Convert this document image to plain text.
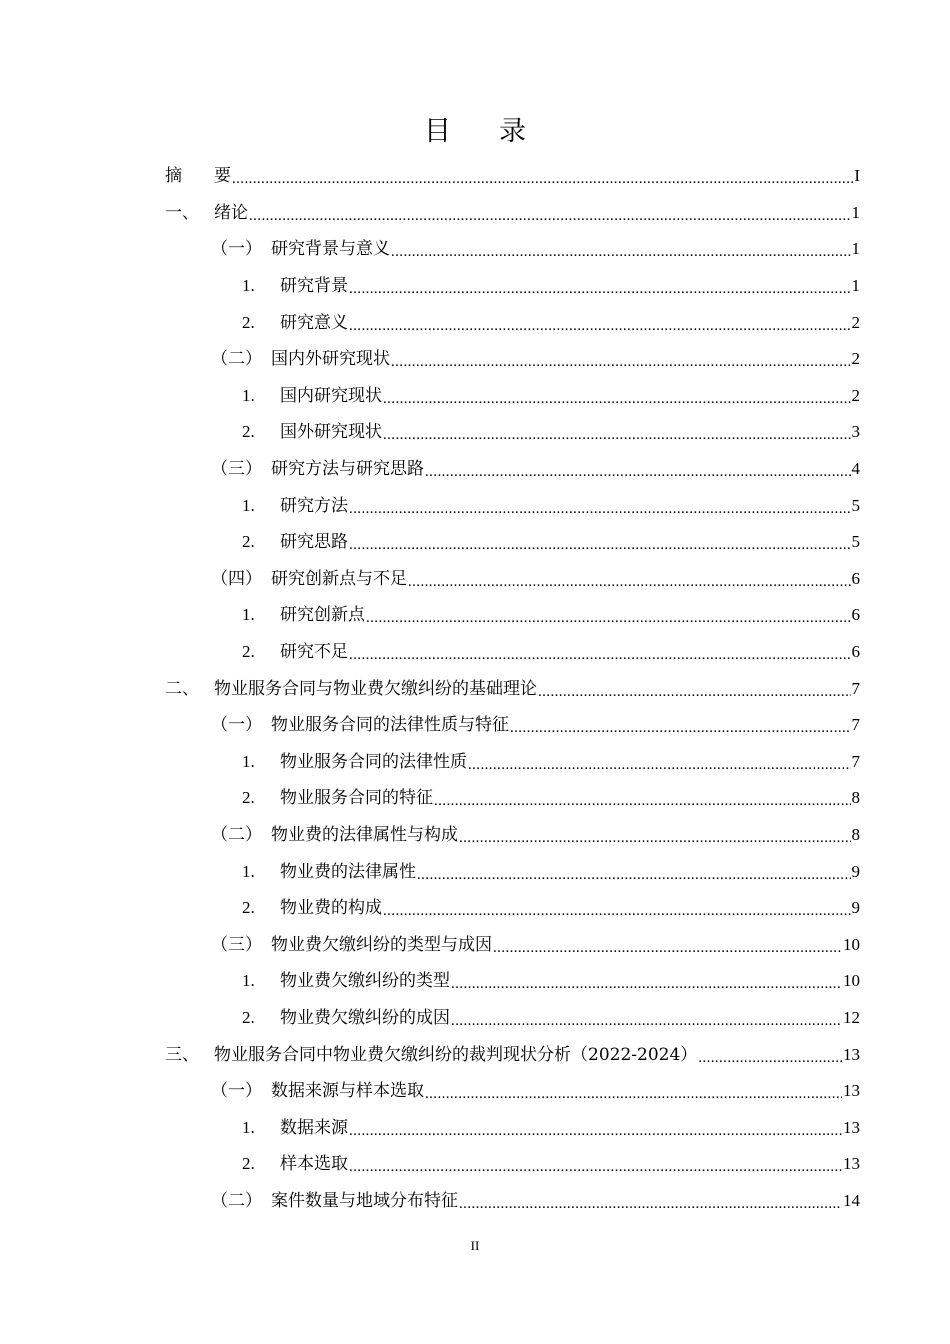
目 录
摘	要 .....	I
一、 绪论 .....	1
（一） 研究背景与意义 .....	1
1.	研究背景 .....	1
2.	研究意义 .....	2
（二） 国内外研究现状 .....	2
1.	国内研究现状 .....	2
2.	国外研究现状 .....	3
（三） 研究方法与研究思路 .....	4
1.	研究方法 .....	5
2.	研究思路 .....	5
（四） 研究创新点与不足 .....	6
1.	研究创新点 .....	6
2.	研究不足 .....	6
二、 物业服务合同与物业费欠缴纠纷的基础理论 .....	7
（一） 物业服务合同的法律性质与特征 .....	7
1.	物业服务合同的法律性质 .....	7
2.	物业服务合同的特征 .....	8
（二） 物业费的法律属性与构成 .....	8
1.	物业费的法律属性 .....	9
2.	物业费的构成 .....	9
（三） 物业费欠缴纠纷的类型与成因 .....	10
1.	物业费欠缴纠纷的类型 .....	10
2.	物业费欠缴纠纷的成因 .....	12
三、 物业服务合同中物业费欠缴纠纷的裁判现状分析（2022-2024） .....	13
（一） 数据来源与样本选取 .....	13
1.	数据来源 .....	13
2.	样本选取 .....	13
（二） 案件数量与地域分布特征 .....	14
II
